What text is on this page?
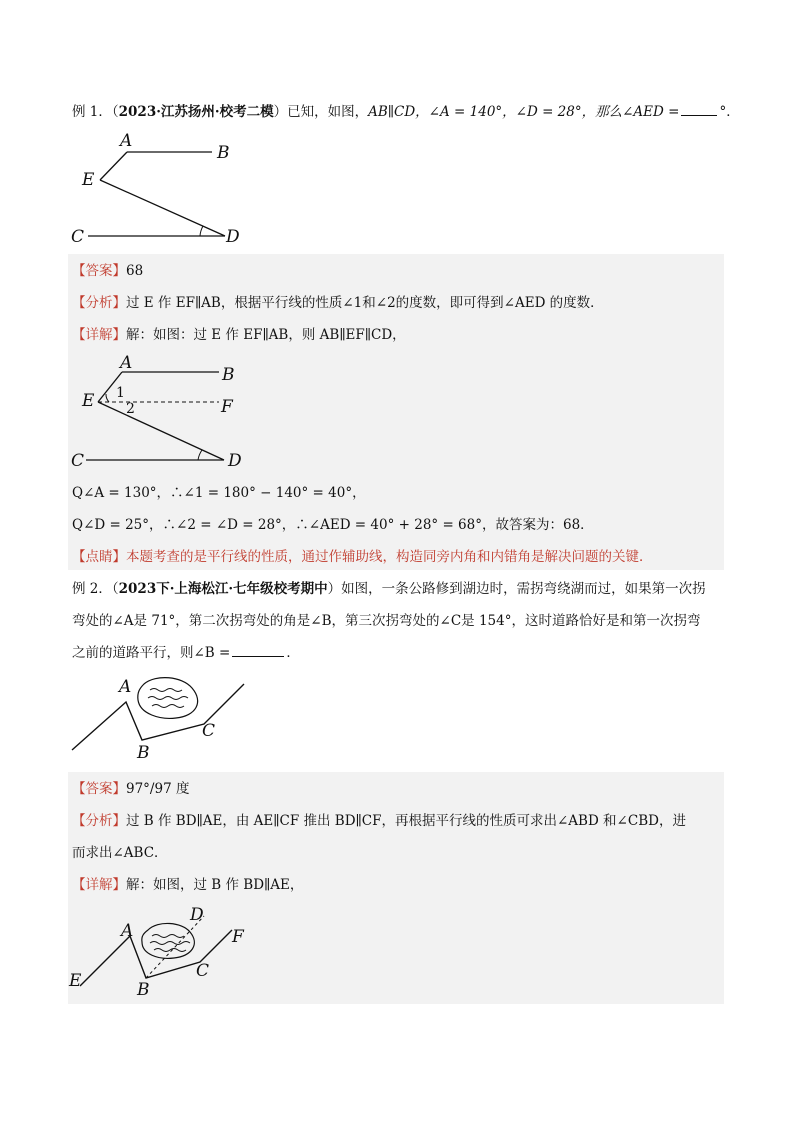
例 1．（2023·江苏扬州·校考二模）已知，如图，AB∥CD，∠A = 140°，∠D = 28°，那么∠AED =	°．
A
B
E
C	D
【答案】68
【分析】过 E 作 EF∥AB，根据平行线的性质∠1和∠2的度数，即可得到∠AED 的度数．
【详解】解：如图：过 E 作 EF∥AB，则 AB∥EF∥CD，
A
B
1
2
E	F
C	D
Q∠A = 130°，∴∠1 = 180° − 140° = 40°，
Q∠D = 25°，∴∠2 = ∠D = 28°，∴∠AED = 40° + 28° = 68°，故答案为：68．
【点睛】本题考查的是平行线的性质，通过作辅助线，构造同旁内角和内错角是解决问题的关键．
例 2．（2023下·上海松江·七年级校考期中）如图，一条公路修到湖边时，需拐弯绕湖而过，如果第一次拐
弯处的∠A是 71°，第二次拐弯处的角是∠B，第三次拐弯处的∠C是 154°，这时道路恰好是和第一次拐弯
之前的道路平行，则∠B =	．
A
B
C
【答案】97°/97 度
【分析】过 B 作 BD∥AE，由 AE∥CF 推出 BD∥CF，再根据平行线的性质可求出∠ABD 和∠CBD，进
而求出∠ABC．
【详解】解：如图，过 B 作 BD∥AE，
A
B
C
D
E
F
